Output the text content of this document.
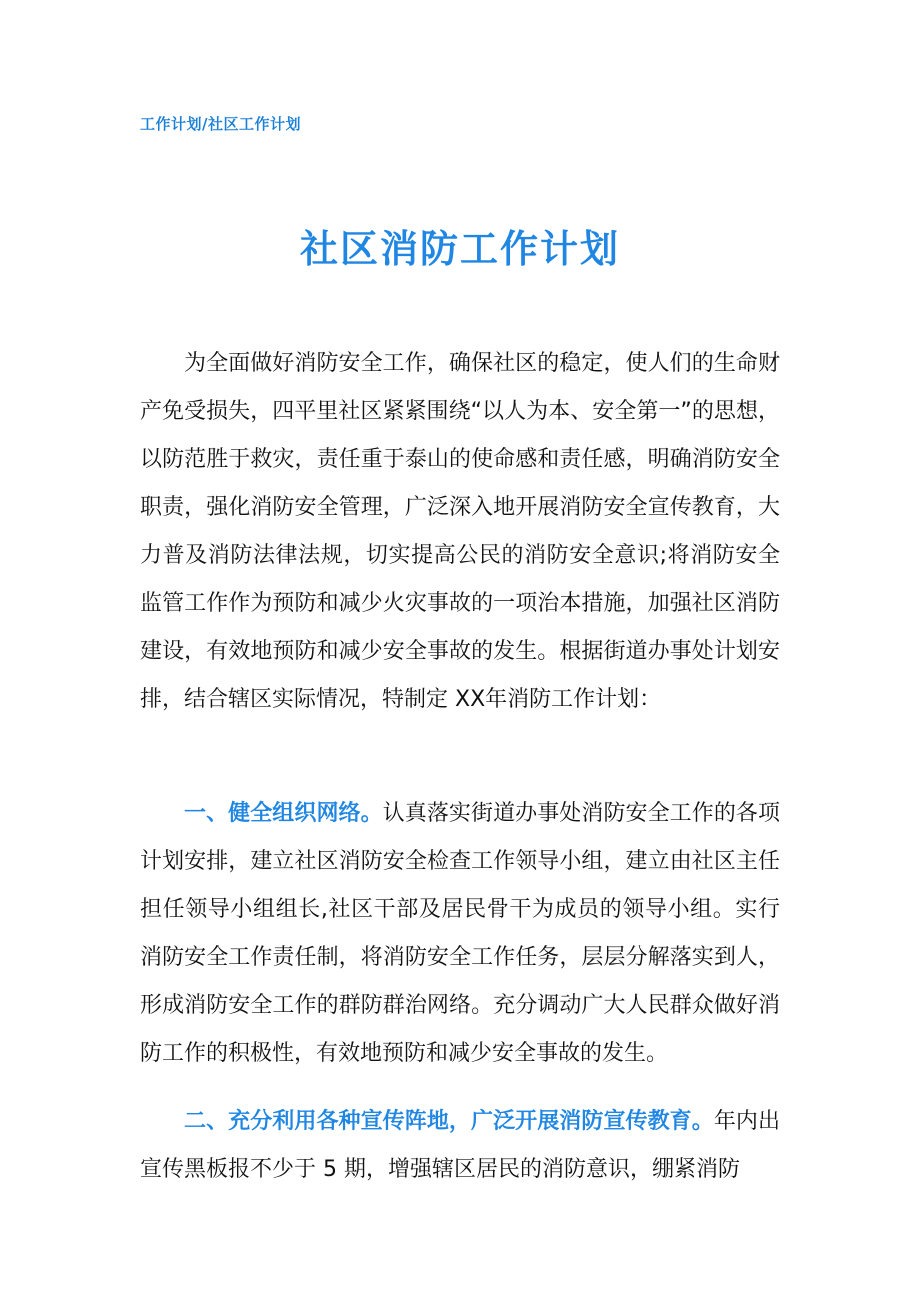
工作计划/社区工作计划
社区消防工作计划
为全面做好消防安全工作，确保社区的稳定，使人们的生命财产免受损失，四平里社区紧紧围绕“以人为本、安全第一”的思想，以防范胜于救灾，责任重于泰山的使命感和责任感，明确消防安全职责，强化消防安全管理，广泛深入地开展消防安全宣传教育，大力普及消防法律法规，切实提高公民的消防安全意识;将消防安全监管工作作为预防和减少火灾事故的一项治本措施，加强社区消防建设，有效地预防和减少安全事故的发生。根据街道办事处计划安排，结合辖区实际情况，特制定 XX年消防工作计划：
一、健全组织网络。认真落实街道办事处消防安全工作的各项计划安排，建立社区消防安全检查工作领导小组，建立由社区主任担任领导小组组长,社区干部及居民骨干为成员的领导小组。实行消防安全工作责任制，将消防安全工作任务，层层分解落实到人，形成消防安全工作的群防群治网络。充分调动广大人民群众做好消防工作的积极性，有效地预防和减少安全事故的发生。
二、充分利用各种宣传阵地，广泛开展消防宣传教育。年内出宣传黑板报不少于 5 期，增强辖区居民的消防意识，绷紧消防
